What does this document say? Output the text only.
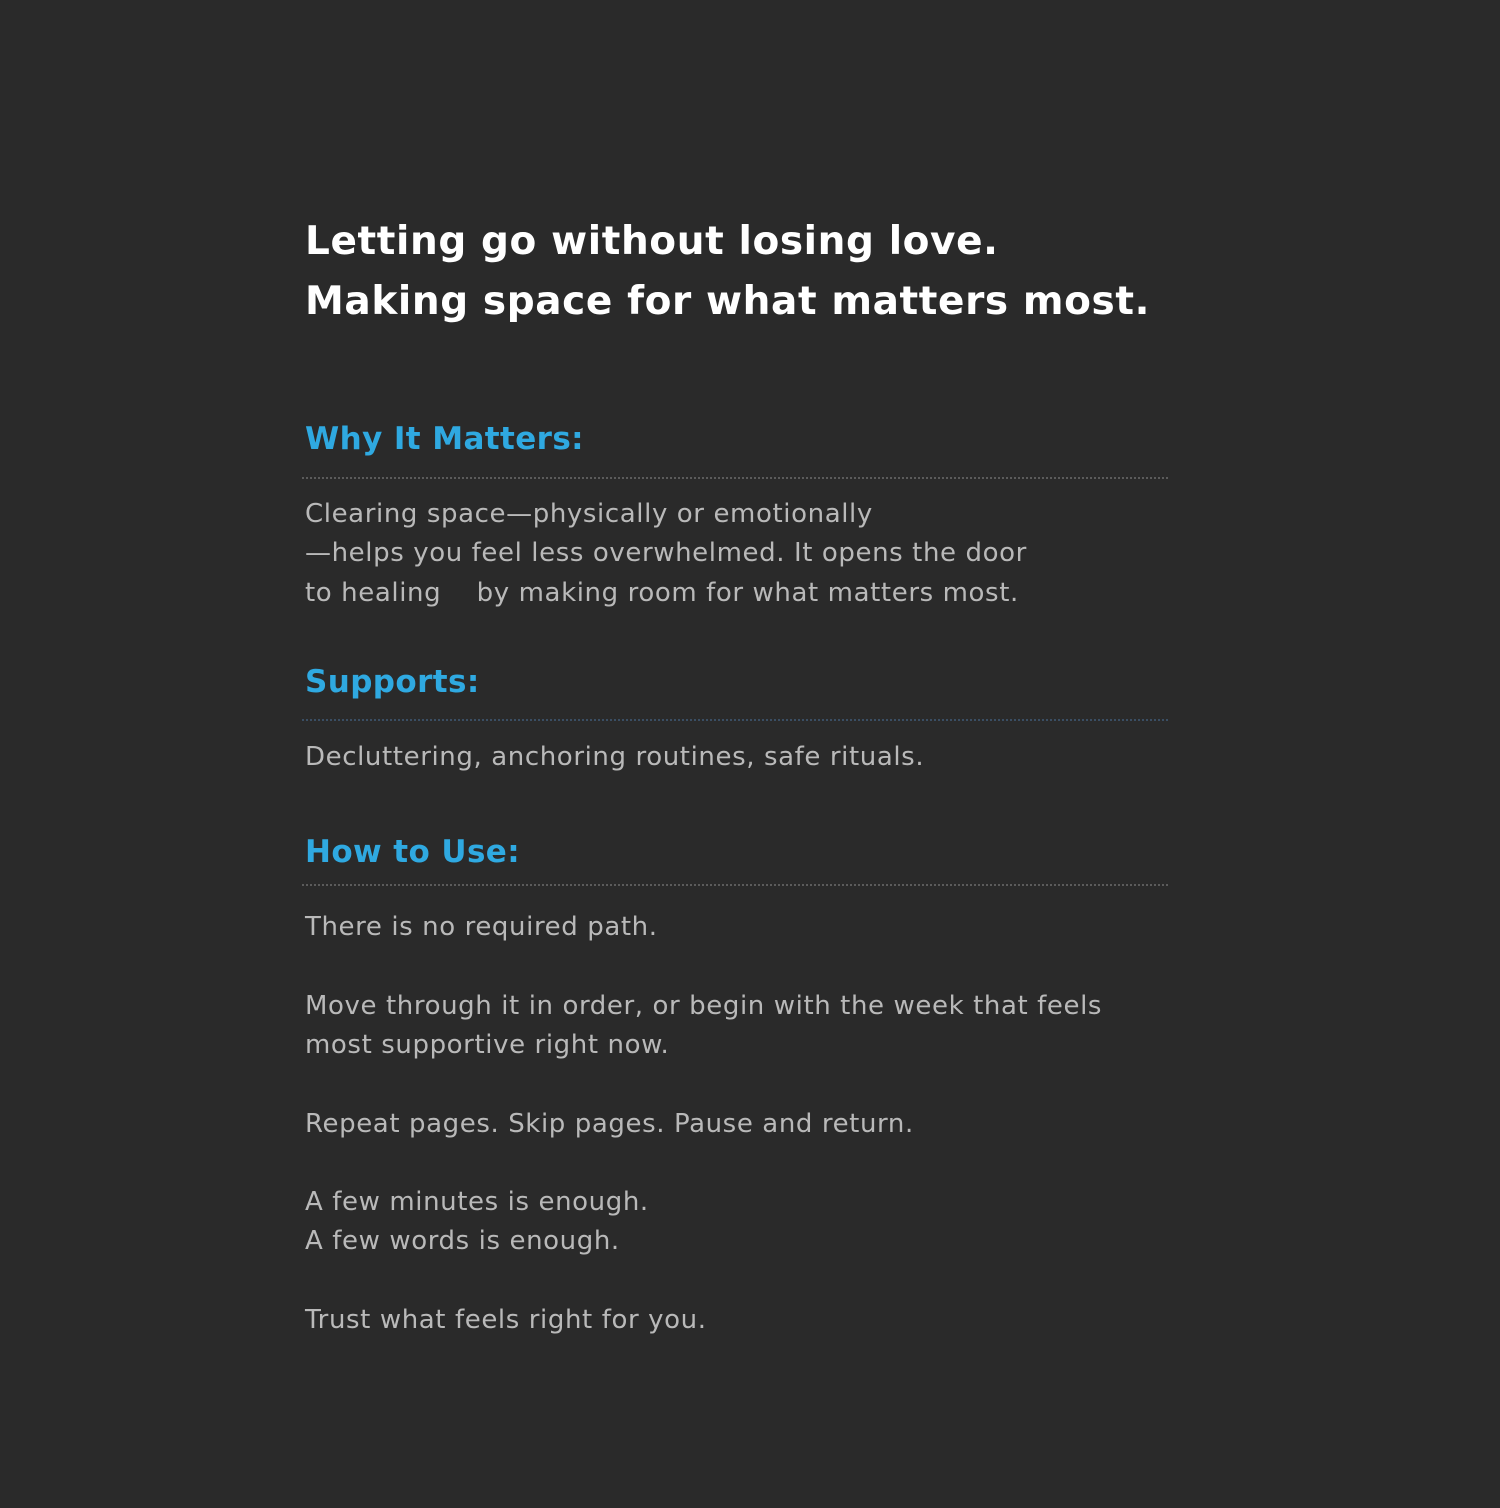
Letting go without losing love.
Making space for what matters most.
Why It Matters:
Clearing space—physically or emotionally
—helps you feel less overwhelmed. It opens the door
to healing    by making room for what matters most.
Supports:
Decluttering, anchoring routines, safe rituals.
How to Use:
There is no required path.
Move through it in order, or begin with the week that feels
most supportive right now.
Repeat pages. Skip pages. Pause and return.
A few minutes is enough.
A few words is enough.
Trust what feels right for you.
